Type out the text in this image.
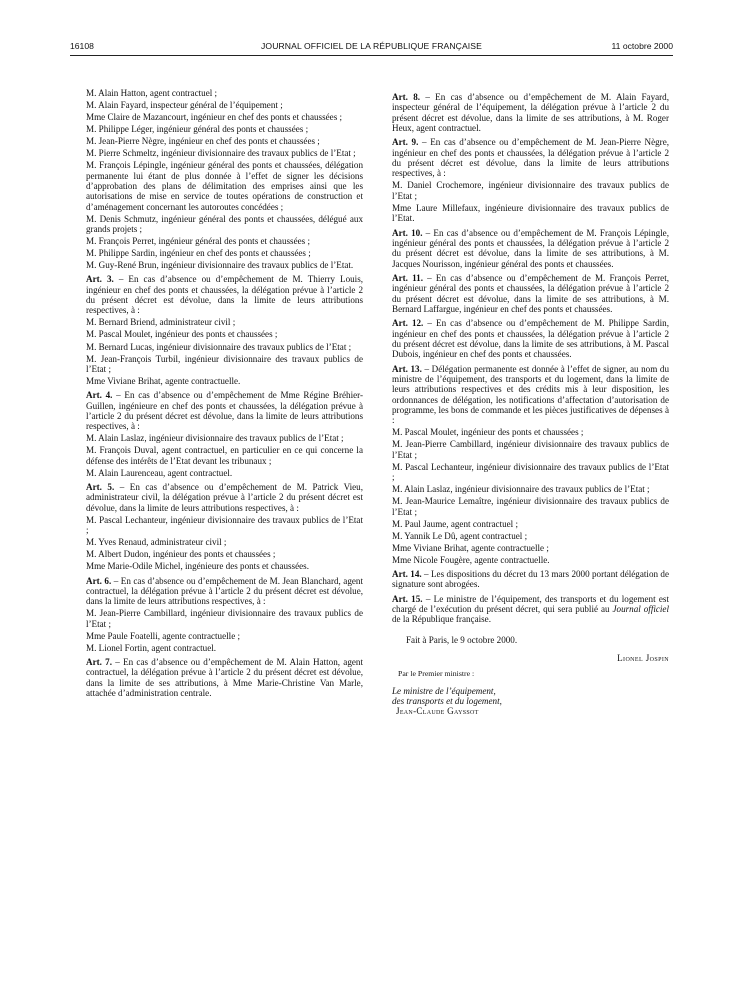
16108	JOURNAL OFFICIEL DE LA RÉPUBLIQUE FRANÇAISE	11 octobre 2000

M. Alain Hatton, agent contractuel ;

M. Alain Fayard, inspecteur général de l’équipement ;

Mme Claire de Mazancourt, ingénieur en chef des ponts et chaussées ;

M. Philippe Léger, ingénieur général des ponts et chaussées ;

M. Jean-Pierre Nègre, ingénieur en chef des ponts et chaussées ;

M. Pierre Schmeltz, ingénieur divisionnaire des travaux publics de l’Etat ;

M. François Lépingle, ingénieur général des ponts et chaussées, délégation permanente lui étant de plus donnée à l’effet de signer les décisions d’approbation des plans de délimitation des emprises ainsi que les autorisations de mise en service de toutes opérations de construction et d’aménagement concernant les autoroutes concédées ;

M. Denis Schmutz, ingénieur général des ponts et chaussées, délégué aux grands projets ;

M. François Perret, ingénieur général des ponts et chaussées ;

M. Philippe Sardin, ingénieur en chef des ponts et chaussées ;

M. Guy-René Brun, ingénieur divisionnaire des travaux publics de l’Etat.

Art. 3. – En cas d’absence ou d’empêchement de M. Thierry Louis, ingénieur en chef des ponts et chaussées, la délégation prévue à l’article 2 du présent décret est dévolue, dans la limite de leurs attributions respectives, à :

M. Bernard Briend, administrateur civil ;

M. Pascal Moulet, ingénieur des ponts et chaussées ;

M. Bernard Lucas, ingénieur divisionnaire des travaux publics de l’Etat ;

M. Jean-François Turbil, ingénieur divisionnaire des travaux publics de l’Etat ;

Mme Viviane Brihat, agente contractuelle.

Art. 4. – En cas d’absence ou d’empêchement de Mme Régine Bréhier-Guillen, ingénieure en chef des ponts et chaussées, la délégation prévue à l’article 2 du présent décret est dévolue, dans la limite de leurs attributions respectives, à :

M. Alain Laslaz, ingénieur divisionnaire des travaux publics de l’Etat ;

M. François Duval, agent contractuel, en particulier en ce qui concerne la défense des intérêts de l’Etat devant les tribunaux ;

M. Alain Laurenceau, agent contractuel.

Art. 5. – En cas d’absence ou d’empêchement de M. Patrick Vieu, administrateur civil, la délégation prévue à l’article 2 du présent décret est dévolue, dans la limite de leurs attributions respectives, à :

M. Pascal Lechanteur, ingénieur divisionnaire des travaux publics de l’Etat ;

M. Yves Renaud, administrateur civil ;

M. Albert Dudon, ingénieur des ponts et chaussées ;

Mme Marie-Odile Michel, ingénieure des ponts et chaussées.

Art. 6. – En cas d’absence ou d’empêchement de M. Jean Blanchard, agent contractuel, la délégation prévue à l’article 2 du présent décret est dévolue, dans la limite de leurs attributions respectives, à :

M. Jean-Pierre Cambillard, ingénieur divisionnaire des travaux publics de l’Etat ;

Mme Paule Foatelli, agente contractuelle ;

M. Lionel Fortin, agent contractuel.

Art. 7. – En cas d’absence ou d’empêchement de M. Alain Hatton, agent contractuel, la délégation prévue à l’article 2 du présent décret est dévolue, dans la limite de ses attributions, à Mme Marie-Christine Van Marle, attachée d’administration centrale.

Art. 8. – En cas d’absence ou d’empêchement de M. Alain Fayard, inspecteur général de l’équipement, la délégation prévue à l’article 2 du présent décret est dévolue, dans la limite de ses attributions, à M. Roger Heux, agent contractuel.

Art. 9. – En cas d’absence ou d’empêchement de M. Jean-Pierre Nègre, ingénieur en chef des ponts et chaussées, la délégation prévue à l’article 2 du présent décret est dévolue, dans la limite de leurs attributions respectives, à :

M. Daniel Crochemore, ingénieur divisionnaire des travaux publics de l’Etat ;

Mme Laure Millefaux, ingénieure divisionnaire des travaux publics de l’Etat.

Art. 10. – En cas d’absence ou d’empêchement de M. François Lépingle, ingénieur général des ponts et chaussées, la délégation prévue à l’article 2 du présent décret est dévolue, dans la limite de ses attributions, à M. Jacques Nourisson, ingénieur général des ponts et chaussées.

Art. 11. – En cas d’absence ou d’empêchement de M. François Perret, ingénieur général des ponts et chaussées, la délégation prévue à l’article 2 du présent décret est dévolue, dans la limite de ses attributions, à M. Bernard Laffargue, ingénieur en chef des ponts et chaussées.

Art. 12. – En cas d’absence ou d’empêchement de M. Philippe Sardin, ingénieur en chef des ponts et chaussées, la délégation prévue à l’article 2 du présent décret est dévolue, dans la limite de ses attributions, à M. Pascal Dubois, ingénieur en chef des ponts et chaussées.

Art. 13. – Délégation permanente est donnée à l’effet de signer, au nom du ministre de l’équipement, des transports et du logement, dans la limite de leurs attributions respectives et des crédits mis à leur disposition, les ordonnances de délégation, les notifications d’affectation d’autorisation de programme, les bons de commande et les pièces justificatives de dépenses à :

M. Pascal Moulet, ingénieur des ponts et chaussées ;

M. Jean-Pierre Cambillard, ingénieur divisionnaire des travaux publics de l’Etat ;

M. Pascal Lechanteur, ingénieur divisionnaire des travaux publics de l’Etat ;

M. Alain Laslaz, ingénieur divisionnaire des travaux publics de l’Etat ;

M. Jean-Maurice Lemaître, ingénieur divisionnaire des travaux publics de l’Etat ;

M. Paul Jaume, agent contractuel ;

M. Yannik Le Dû, agent contractuel ;

Mme Viviane Brihat, agente contractuelle ;

Mme Nicole Fougère, agente contractuelle.

Art. 14. – Les dispositions du décret du 13 mars 2000 portant délégation de signature sont abrogées.

Art. 15. – Le ministre de l’équipement, des transports et du logement est chargé de l’exécution du présent décret, qui sera publié au Journal officiel de la République française.

Fait à Paris, le 9 octobre 2000.

Lionel Jospin
Par le Premier ministre :
Le ministre de l’équipement,
des transports et du logement,
Jean-Claude Gayssot
